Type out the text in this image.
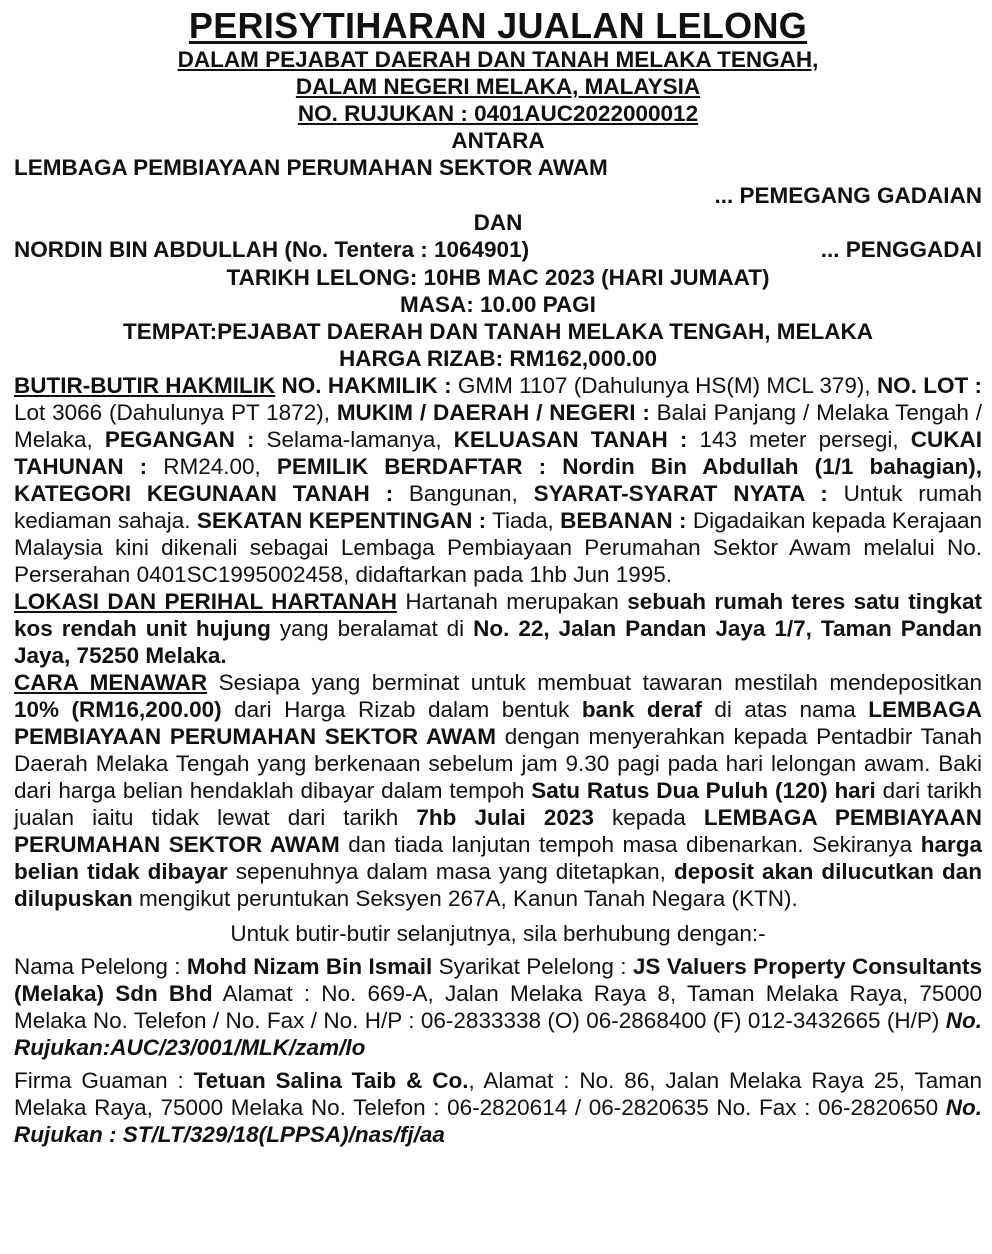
PERISYTIHARAN JUALAN LELONG
DALAM PEJABAT DAERAH DAN TANAH MELAKA TENGAH,
DALAM NEGERI MELAKA, MALAYSIA
NO. RUJUKAN : 0401AUC2022000012
ANTARA
LEMBAGA PEMBIAYAAN PERUMAHAN SEKTOR AWAM
... PEMEGANG GADAIAN
DAN
NORDIN BIN ABDULLAH (No. Tentera : 1064901)	... PENGGADAI
TARIKH LELONG: 10HB MAC 2023 (HARI JUMAAT)
MASA: 10.00 PAGI
TEMPAT:PEJABAT DAERAH DAN TANAH MELAKA TENGAH, MELAKA
HARGA RIZAB: RM162,000.00

BUTIR-BUTIR HAKMILIK NO. HAKMILIK : GMM 1107 (Dahulunya HS(M) MCL 379), NO. LOT : Lot 3066 (Dahulunya PT 1872), MUKIM / DAERAH / NEGERI : Balai Panjang / Melaka Tengah / Melaka, PEGANGAN : Selama-lamanya, KELUASAN TANAH : 143 meter persegi, CUKAI TAHUNAN : RM24.00, PEMILIK BERDAFTAR : Nordin Bin Abdullah (1/1 bahagian), KATEGORI KEGUNAAN TANAH : Bangunan, SYARAT-SYARAT NYATA : Untuk rumah kediaman sahaja. SEKATAN KEPENTINGAN : Tiada, BEBANAN : Digadaikan kepada Kerajaan Malaysia kini dikenali sebagai Lembaga Pembiayaan Perumahan Sektor Awam melalui No. Perserahan 0401SC1995002458, didaftarkan pada 1hb Jun 1995.

LOKASI DAN PERIHAL HARTANAH Hartanah merupakan sebuah rumah teres satu tingkat kos rendah unit hujung yang beralamat di No. 22, Jalan Pandan Jaya 1/7, Taman Pandan Jaya, 75250 Melaka.

CARA MENAWAR Sesiapa yang berminat untuk membuat tawaran mestilah mendepositkan 10% (RM16,200.00) dari Harga Rizab dalam bentuk bank deraf di atas nama LEMBAGA PEMBIAYAAN PERUMAHAN SEKTOR AWAM dengan menyerahkan kepada Pentadbir Tanah Daerah Melaka Tengah yang berkenaan sebelum jam 9.30 pagi pada hari lelongan awam. Baki dari harga belian hendaklah dibayar dalam tempoh Satu Ratus Dua Puluh (120) hari dari tarikh jualan iaitu tidak lewat dari tarikh 7hb Julai 2023 kepada LEMBAGA PEMBIAYAAN PERUMAHAN SEKTOR AWAM dan tiada lanjutan tempoh masa dibenarkan. Sekiranya harga belian tidak dibayar sepenuhnya dalam masa yang ditetapkan, deposit akan dilucutkan dan dilupuskan mengikut peruntukan Seksyen 267A, Kanun Tanah Negara (KTN).

Untuk butir-butir selanjutnya, sila berhubung dengan:-

Nama Pelelong : Mohd Nizam Bin Ismail Syarikat Pelelong : JS Valuers Property Consultants (Melaka) Sdn Bhd Alamat : No. 669-A, Jalan Melaka Raya 8, Taman Melaka Raya, 75000 Melaka No. Telefon / No. Fax / No. H/P : 06-2833338 (O) 06-2868400 (F) 012-3432665 (H/P) No. Rujukan:AUC/23/001/MLK/zam/lo

Firma Guaman : Tetuan Salina Taib & Co., Alamat : No. 86, Jalan Melaka Raya 25, Taman Melaka Raya, 75000 Melaka No. Telefon : 06-2820614 / 06-2820635 No. Fax : 06-2820650 No. Rujukan : ST/LT/329/18(LPPSA)/nas/fj/aa
